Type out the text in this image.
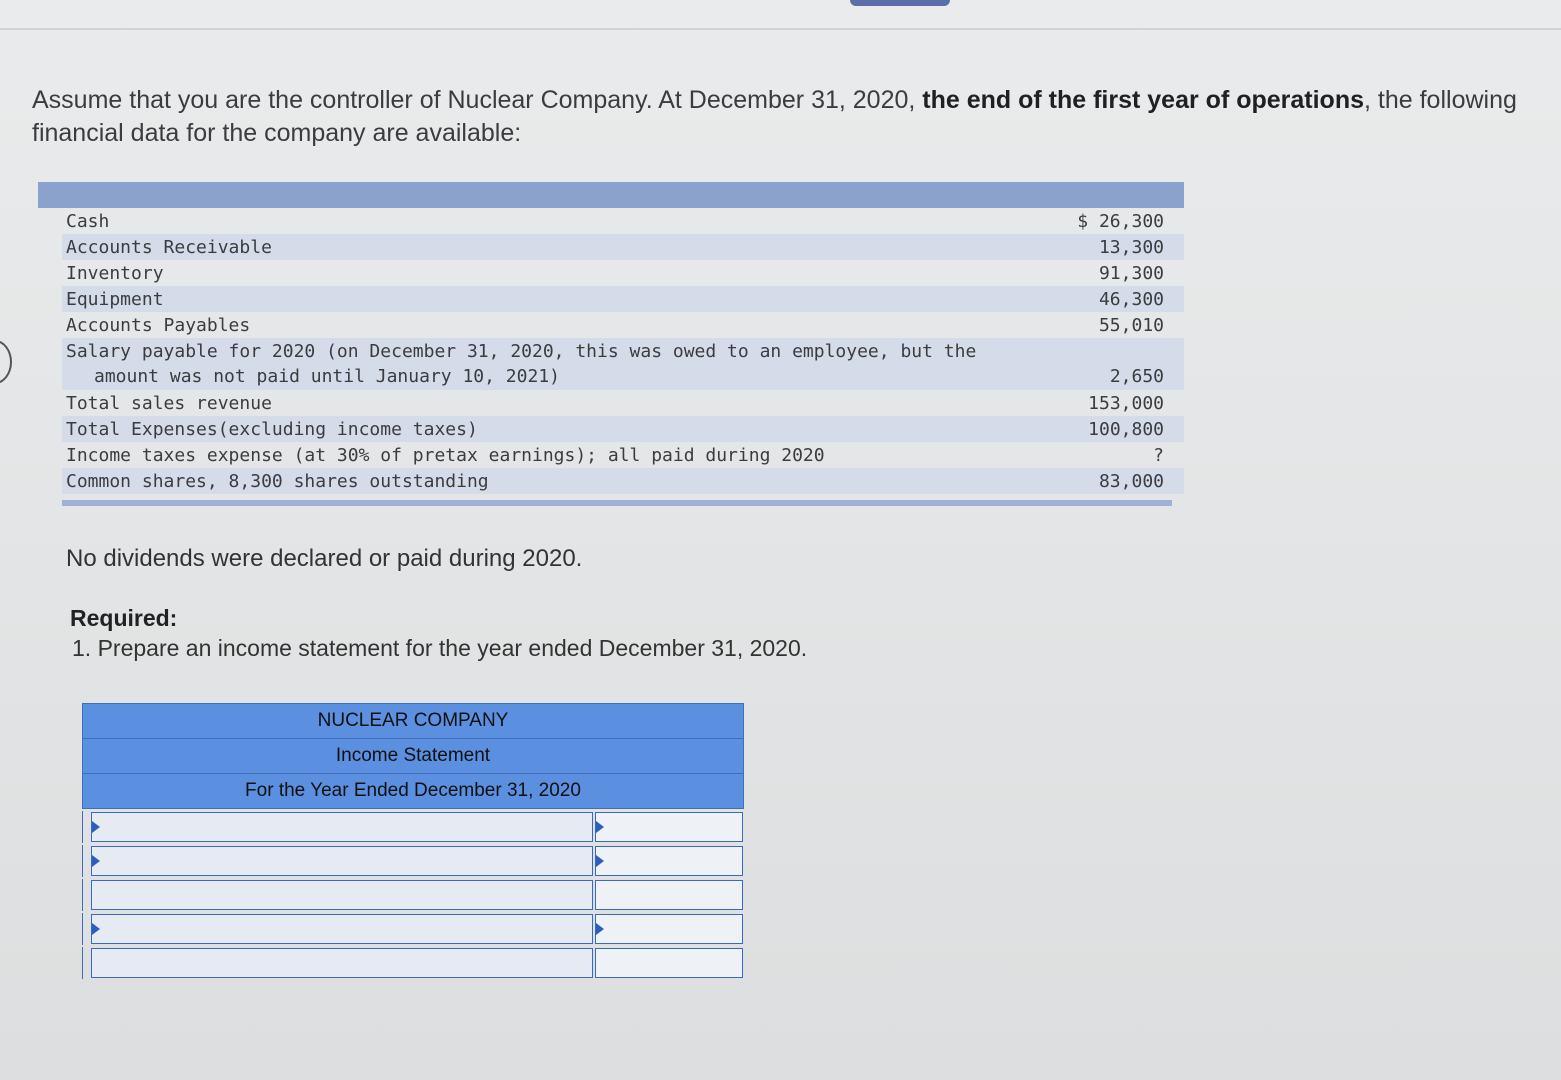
Assume that you are the controller of Nuclear Company. At December 31, 2020, the end of the first year of operations, the following financial data for the company are available:
Cash	$ 26,300
Accounts Receivable	13,300
Inventory	91,300
Equipment	46,300
Accounts Payables	55,010
Salary payable for 2020 (on December 31, 2020, this was owed to an employee, but the
amount was not paid until January 10, 2021)	2,650
Total sales revenue	153,000
Total Expenses(excluding income taxes)	100,800
Income taxes expense (at 30% of pretax earnings); all paid during 2020	?
Common shares, 8,300 shares outstanding	83,000
No dividends were declared or paid during 2020.
Required:
1. Prepare an income statement for the year ended December 31, 2020.
NUCLEAR COMPANY
Income Statement
For the Year Ended December 31, 2020
